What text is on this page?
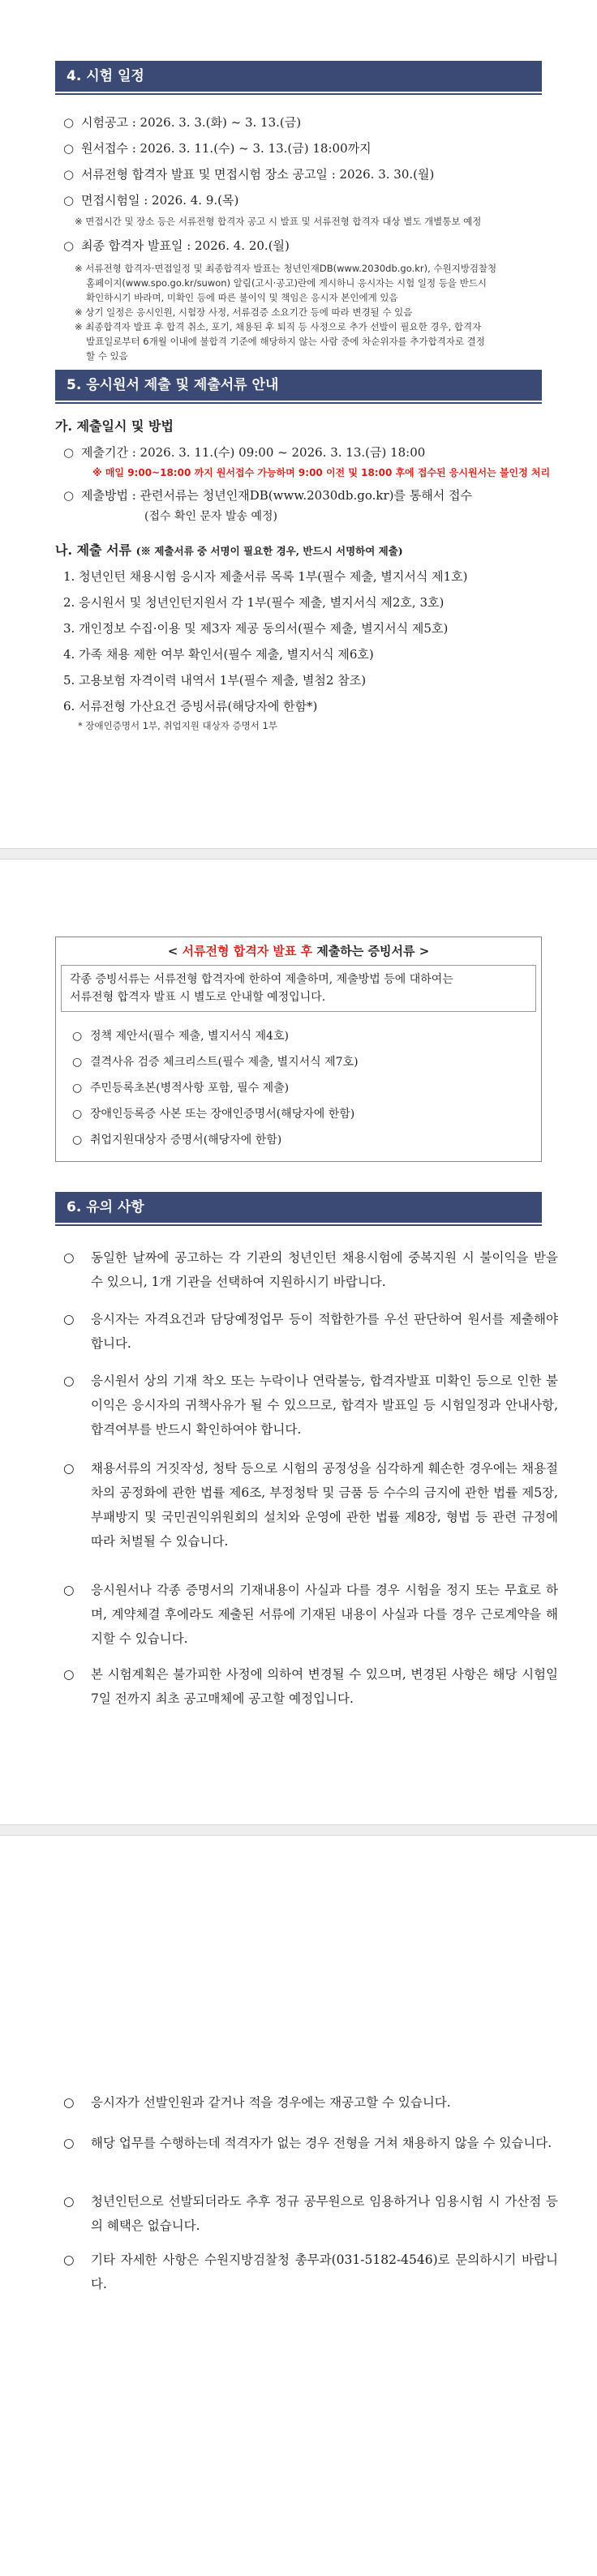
4. 시험 일정
○ 시험공고 : 2026. 3. 3.(화) ~ 3. 13.(금)
○ 원서접수 : 2026. 3. 11.(수) ~ 3. 13.(금) 18:00까지
○ 서류전형 합격자 발표 및 면접시험 장소 공고일 : 2026. 3. 30.(월)
○ 면접시험일 : 2026. 4. 9.(목)
※ 면접시간 및 장소 등은 서류전형 합격자 공고 시 발표 및 서류전형 합격자 대상 별도 개별통보 예정
○ 최종 합격자 발표일 : 2026. 4. 20.(월)
※ 서류전형 합격자·면접일정 및 최종합격자 발표는 청년인재DB(www.2030db.go.kr), 수원지방검찰청
홈페이지(www.spo.go.kr/suwon) 알림(고시·공고)란에 게시하니 응시자는 시험 일정 등을 반드시
확인하시기 바라며, 미확인 등에 따른 불이익 및 책임은 응시자 본인에게 있음
※ 상기 일정은 응시인원, 시험장 사정, 서류검증 소요기간 등에 따라 변경될 수 있음
※ 최종합격자 발표 후 합격 취소, 포기, 채용된 후 퇴직 등 사정으로 추가 선발이 필요한 경우, 합격자
발표일로부터 6개월 이내에 불합격 기준에 해당하지 않는 사람 중에 차순위자를 추가합격자로 결정
할 수 있음
5. 응시원서 제출 및 제출서류 안내
가. 제출일시 및 방법
○ 제출기간 : 2026. 3. 11.(수) 09:00 ~ 2026. 3. 13.(금) 18:00
※ 매일 9:00~18:00 까지 원서접수 가능하며 9:00 이전 및 18:00 후에 접수된 응시원서는 불인정 처리
○ 제출방법 : 관련서류는 청년인재DB(www.2030db.go.kr)를 통해서 접수
(접수 확인 문자 발송 예정)
나. 제출 서류 (※ 제출서류 중 서명이 필요한 경우, 반드시 서명하여 제출)
1. 청년인턴 채용시험 응시자 제출서류 목록 1부(필수 제출, 별지서식 제1호)
2. 응시원서 및 청년인턴지원서 각 1부(필수 제출, 별지서식 제2호, 3호)
3. 개인정보 수집·이용 및 제3자 제공 동의서(필수 제출, 별지서식 제5호)
4. 가족 채용 제한 여부 확인서(필수 제출, 별지서식 제6호)
5. 고용보험 자격이력 내역서 1부(필수 제출, 별첨2 참조)
6. 서류전형 가산요건 증빙서류(해당자에 한함*)
* 장애인증명서 1부, 취업지원 대상자 증명서 1부
< 서류전형 합격자 발표 후 제출하는 증빙서류 >
각종 증빙서류는 서류전형 합격자에 한하여 제출하며, 제출방법 등에 대하여는
서류전형 합격자 발표 시 별도로 안내할 예정입니다.
○ 정책 제안서(필수 제출, 별지서식 제4호)
○ 결격사유 검증 체크리스트(필수 제출, 별지서식 제7호)
○ 주민등록초본(병적사항 포함, 필수 제출)
○ 장애인등록증 사본 또는 장애인증명서(해당자에 한함)
○ 취업지원대상자 증명서(해당자에 한함)
6. 유의 사항
○ 동일한 날짜에 공고하는 각 기관의 청년인턴 채용시험에 중복지원 시 불이익을 받을 수 있으니, 1개 기관을 선택하여 지원하시기 바랍니다.
○ 응시자는 자격요건과 담당예정업무 등이 적합한가를 우선 판단하여 원서를 제출해야 합니다.
○ 응시원서 상의 기재 착오 또는 누락이나 연락불능, 합격자발표 미확인 등으로 인한 불이익은 응시자의 귀책사유가 될 수 있으므로, 합격자 발표일 등 시험일정과 안내사항, 합격여부를 반드시 확인하여야 합니다.
○ 채용서류의 거짓작성, 청탁 등으로 시험의 공정성을 심각하게 훼손한 경우에는 채용절차의 공정화에 관한 법률 제6조, 부정청탁 및 금품 등 수수의 금지에 관한 법률 제5장, 부패방지 및 국민권익위원회의 설치와 운영에 관한 법률 제8장, 형법 등 관련 규정에 따라 처벌될 수 있습니다.
○ 응시원서나 각종 증명서의 기재내용이 사실과 다를 경우 시험을 정지 또는 무효로 하며, 계약체결 후에라도 제출된 서류에 기재된 내용이 사실과 다를 경우 근로계약을 해지할 수 있습니다.
○ 본 시험계획은 불가피한 사정에 의하여 변경될 수 있으며, 변경된 사항은 해당 시험일 7일 전까지 최초 공고매체에 공고할 예정입니다.
○ 응시자가 선발인원과 같거나 적을 경우에는 재공고할 수 있습니다.
○ 해당 업무를 수행하는데 적격자가 없는 경우 전형을 거쳐 채용하지 않을 수 있습니다.
○ 청년인턴으로 선발되더라도 추후 정규 공무원으로 임용하거나 임용시험 시 가산점 등의 혜택은 없습니다.
○ 기타 자세한 사항은 수원지방검찰청 총무과(031-5182-4546)로 문의하시기 바랍니다.
